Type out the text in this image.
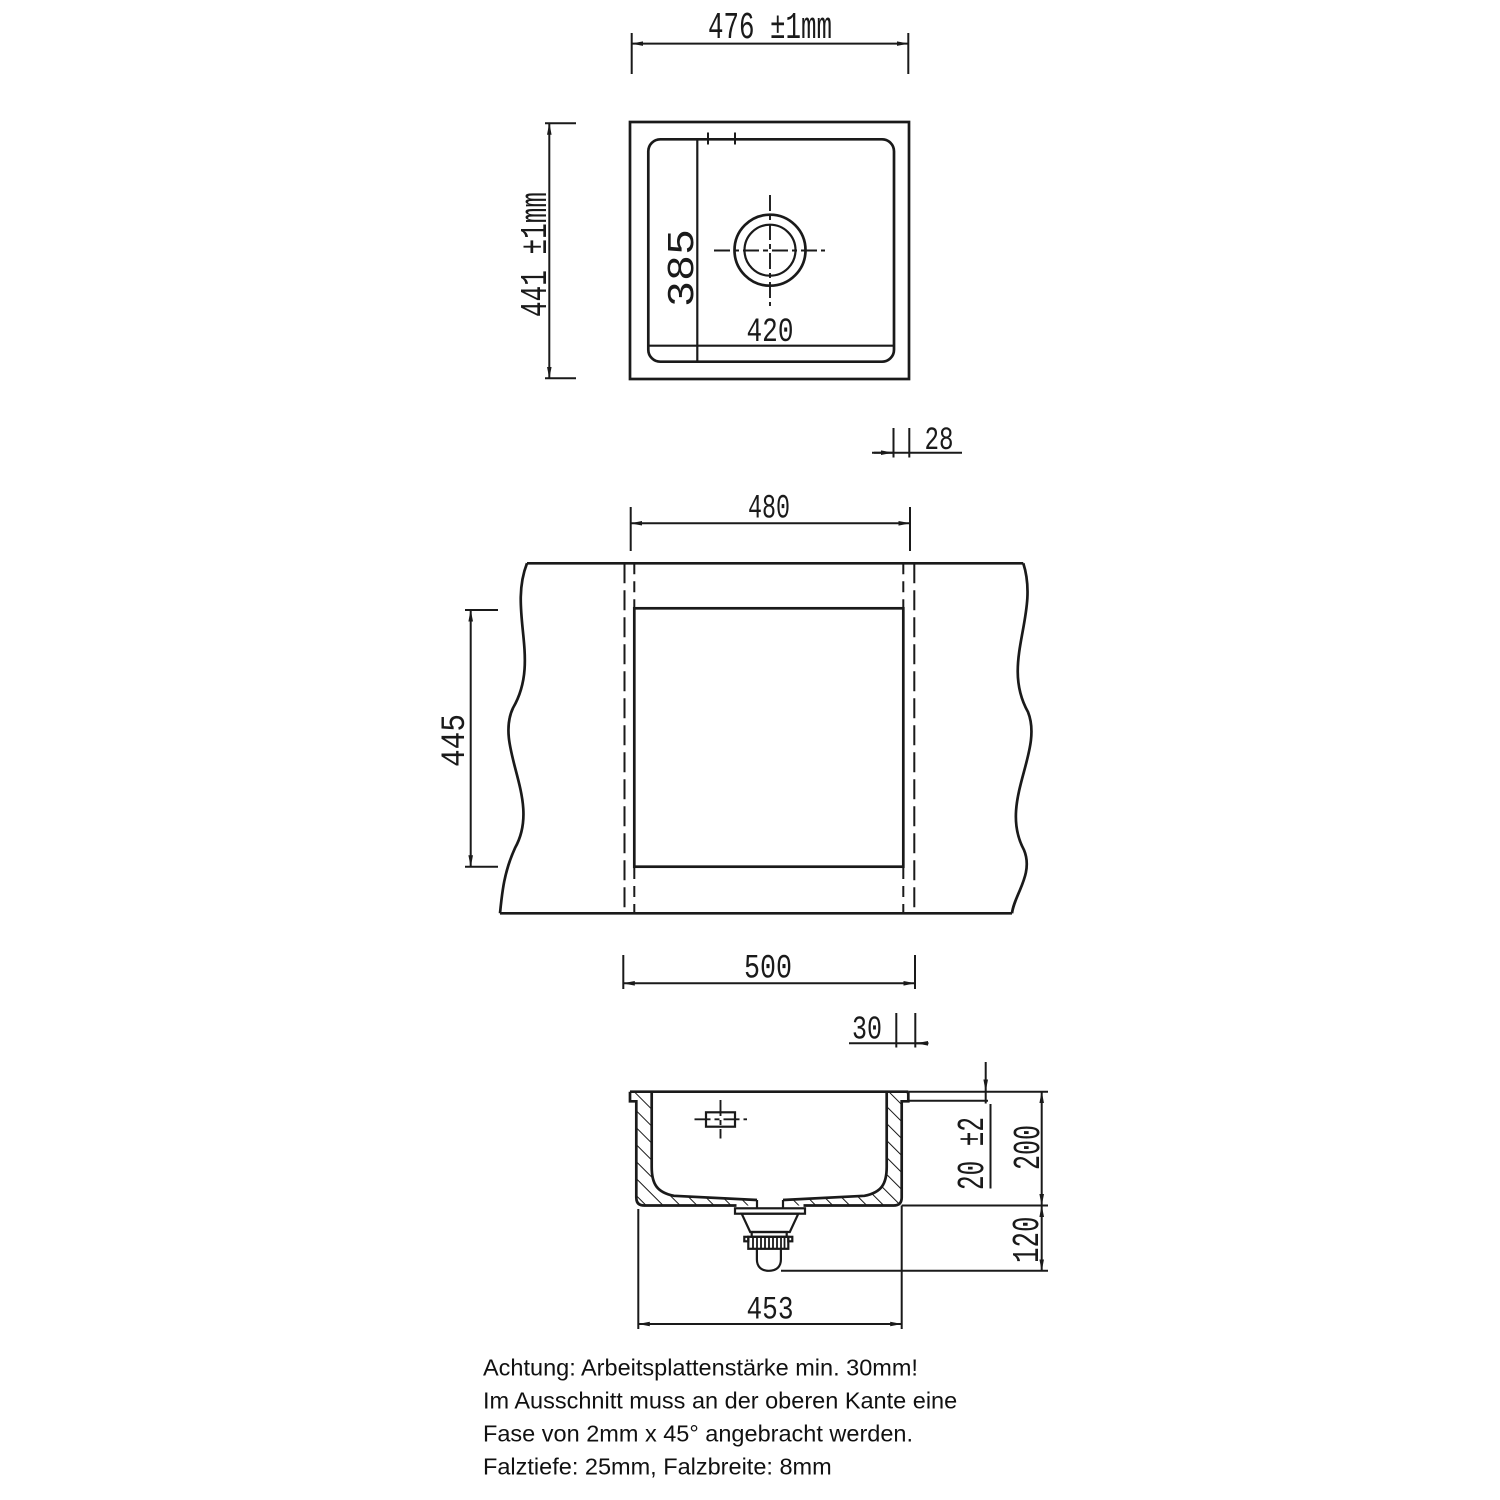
476 ±1mm
441 ±1mm	385
420
28
480
445
500
30
20 ±2 200
120
453
Achtung: Arbeitsplattenstärke min. 30mm!
Im Ausschnitt muss an der oberen Kante eine
Fase von 2mm x 45° angebracht werden.
Falztiefe: 25mm, Falzbreite: 8mm
